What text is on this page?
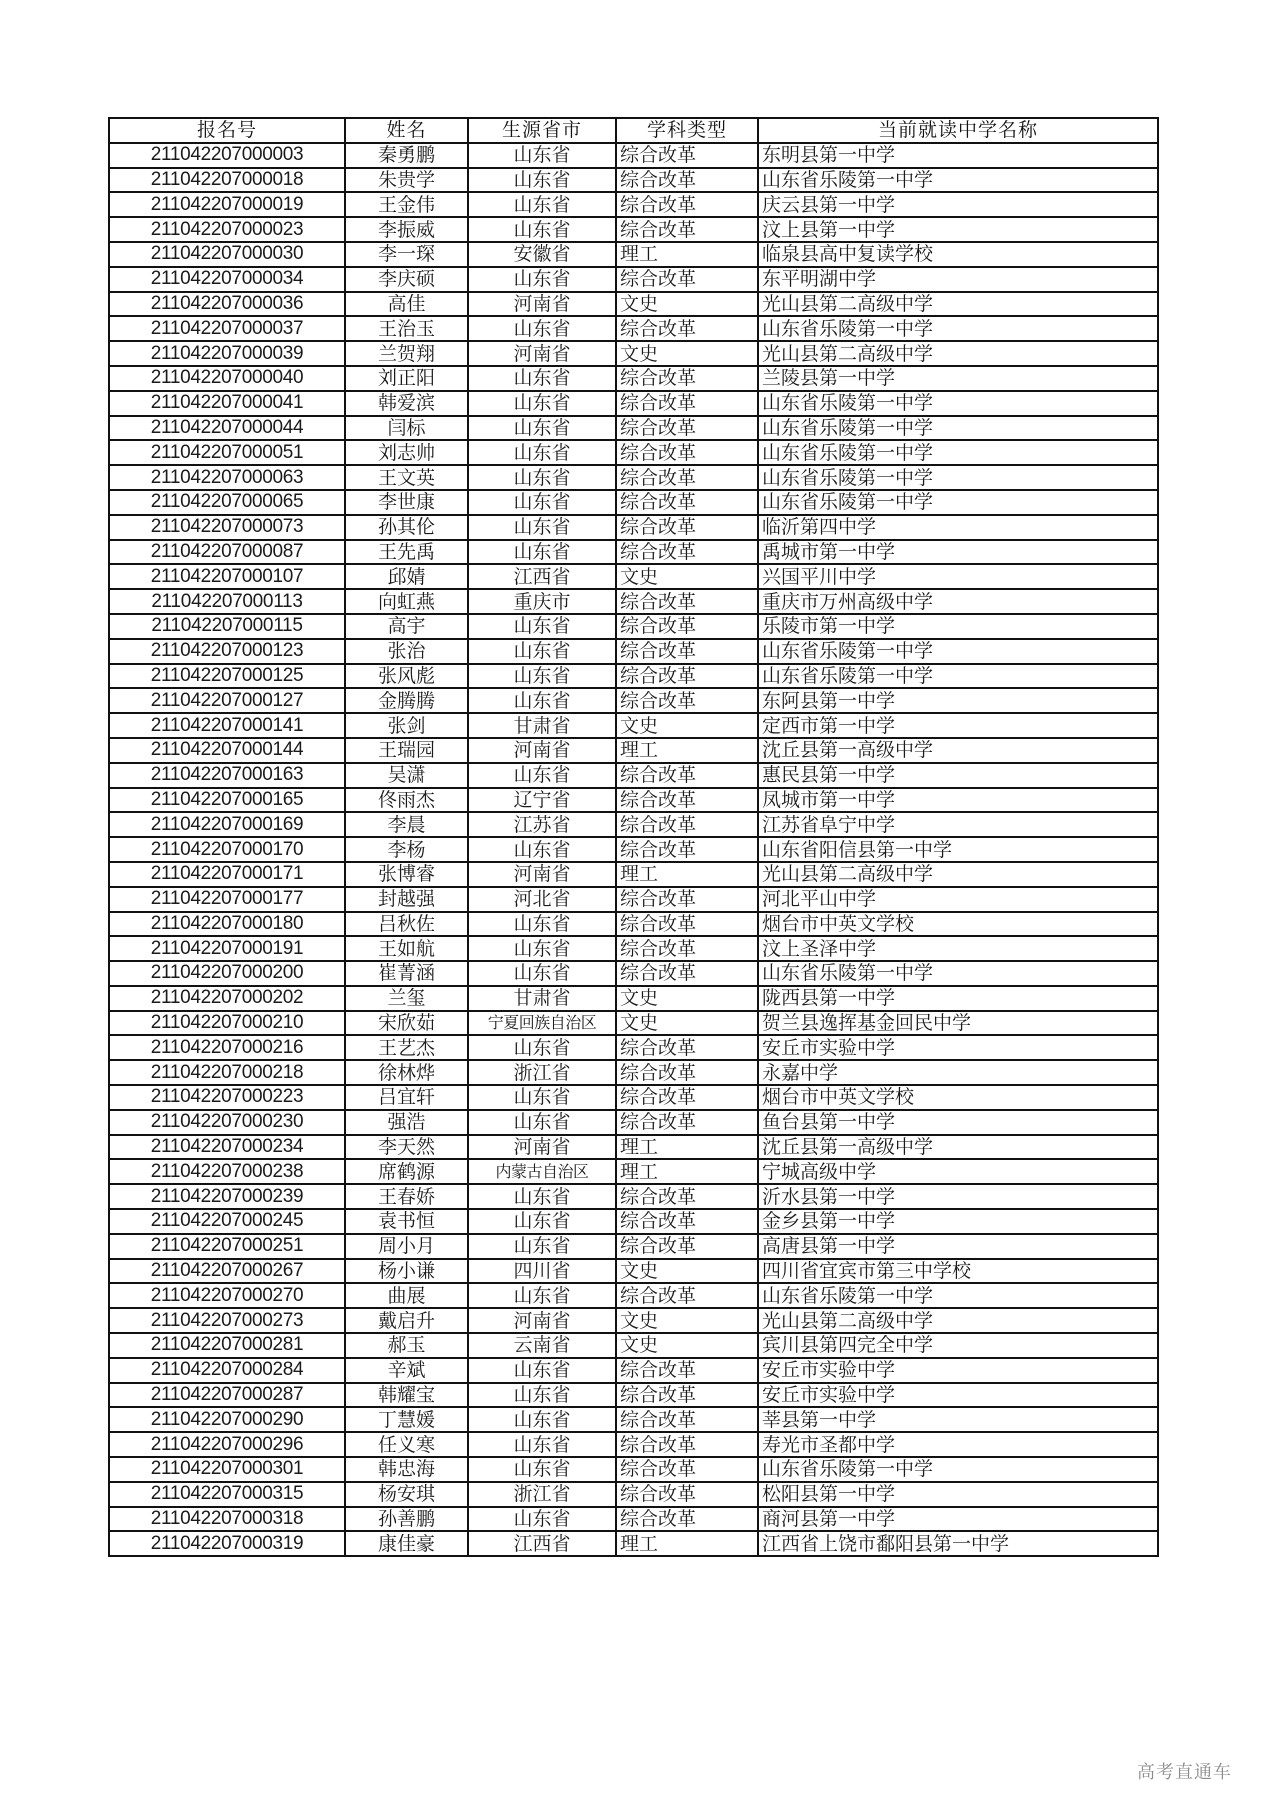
报名号	姓名	生源省市	学科类型	当前就读中学名称
211042207000003	秦勇鹏	山东省	综合改革	东明县第一中学
211042207000018	朱贵学	山东省	综合改革	山东省乐陵第一中学
211042207000019	王金伟	山东省	综合改革	庆云县第一中学
211042207000023	李振威	山东省	综合改革	汶上县第一中学
211042207000030	李一琛	安徽省	理工	临泉县高中复读学校
211042207000034	李庆硕	山东省	综合改革	东平明湖中学
211042207000036	高佳	河南省	文史	光山县第二高级中学
211042207000037	王治玉	山东省	综合改革	山东省乐陵第一中学
211042207000039	兰贺翔	河南省	文史	光山县第二高级中学
211042207000040	刘正阳	山东省	综合改革	兰陵县第一中学
211042207000041	韩爱滨	山东省	综合改革	山东省乐陵第一中学
211042207000044	闫标	山东省	综合改革	山东省乐陵第一中学
211042207000051	刘志帅	山东省	综合改革	山东省乐陵第一中学
211042207000063	王文英	山东省	综合改革	山东省乐陵第一中学
211042207000065	李世康	山东省	综合改革	山东省乐陵第一中学
211042207000073	孙其伦	山东省	综合改革	临沂第四中学
211042207000087	王先禹	山东省	综合改革	禹城市第一中学
211042207000107	邱婧	江西省	文史	兴国平川中学
211042207000113	向虹燕	重庆市	综合改革	重庆市万州高级中学
211042207000115	高宇	山东省	综合改革	乐陵市第一中学
211042207000123	张治	山东省	综合改革	山东省乐陵第一中学
211042207000125	张风彪	山东省	综合改革	山东省乐陵第一中学
211042207000127	金腾腾	山东省	综合改革	东阿县第一中学
211042207000141	张剑	甘肃省	文史	定西市第一中学
211042207000144	王瑞园	河南省	理工	沈丘县第一高级中学
211042207000163	吴潇	山东省	综合改革	惠民县第一中学
211042207000165	佟雨杰	辽宁省	综合改革	凤城市第一中学
211042207000169	李晨	江苏省	综合改革	江苏省阜宁中学
211042207000170	李杨	山东省	综合改革	山东省阳信县第一中学
211042207000171	张博睿	河南省	理工	光山县第二高级中学
211042207000177	封越强	河北省	综合改革	河北平山中学
211042207000180	吕秋佐	山东省	综合改革	烟台市中英文学校
211042207000191	王如航	山东省	综合改革	汶上圣泽中学
211042207000200	崔菁涵	山东省	综合改革	山东省乐陵第一中学
211042207000202	兰玺	甘肃省	文史	陇西县第一中学
211042207000210	宋欣茹	宁夏回族自治区	文史	贺兰县逸挥基金回民中学
211042207000216	王艺杰	山东省	综合改革	安丘市实验中学
211042207000218	徐林烨	浙江省	综合改革	永嘉中学
211042207000223	吕宜轩	山东省	综合改革	烟台市中英文学校
211042207000230	强浩	山东省	综合改革	鱼台县第一中学
211042207000234	李天然	河南省	理工	沈丘县第一高级中学
211042207000238	席鹤源	内蒙古自治区	理工	宁城高级中学
211042207000239	王春娇	山东省	综合改革	沂水县第一中学
211042207000245	袁书恒	山东省	综合改革	金乡县第一中学
211042207000251	周小月	山东省	综合改革	高唐县第一中学
211042207000267	杨小谦	四川省	文史	四川省宜宾市第三中学校
211042207000270	曲展	山东省	综合改革	山东省乐陵第一中学
211042207000273	戴启升	河南省	文史	光山县第二高级中学
211042207000281	郝玉	云南省	文史	宾川县第四完全中学
211042207000284	辛斌	山东省	综合改革	安丘市实验中学
211042207000287	韩耀宝	山东省	综合改革	安丘市实验中学
211042207000290	丁慧媛	山东省	综合改革	莘县第一中学
211042207000296	任义寒	山东省	综合改革	寿光市圣都中学
211042207000301	韩忠海	山东省	综合改革	山东省乐陵第一中学
211042207000315	杨安琪	浙江省	综合改革	松阳县第一中学
211042207000318	孙善鹏	山东省	综合改革	商河县第一中学
211042207000319	康佳豪	江西省	理工	江西省上饶市鄱阳县第一中学
高考直通车
